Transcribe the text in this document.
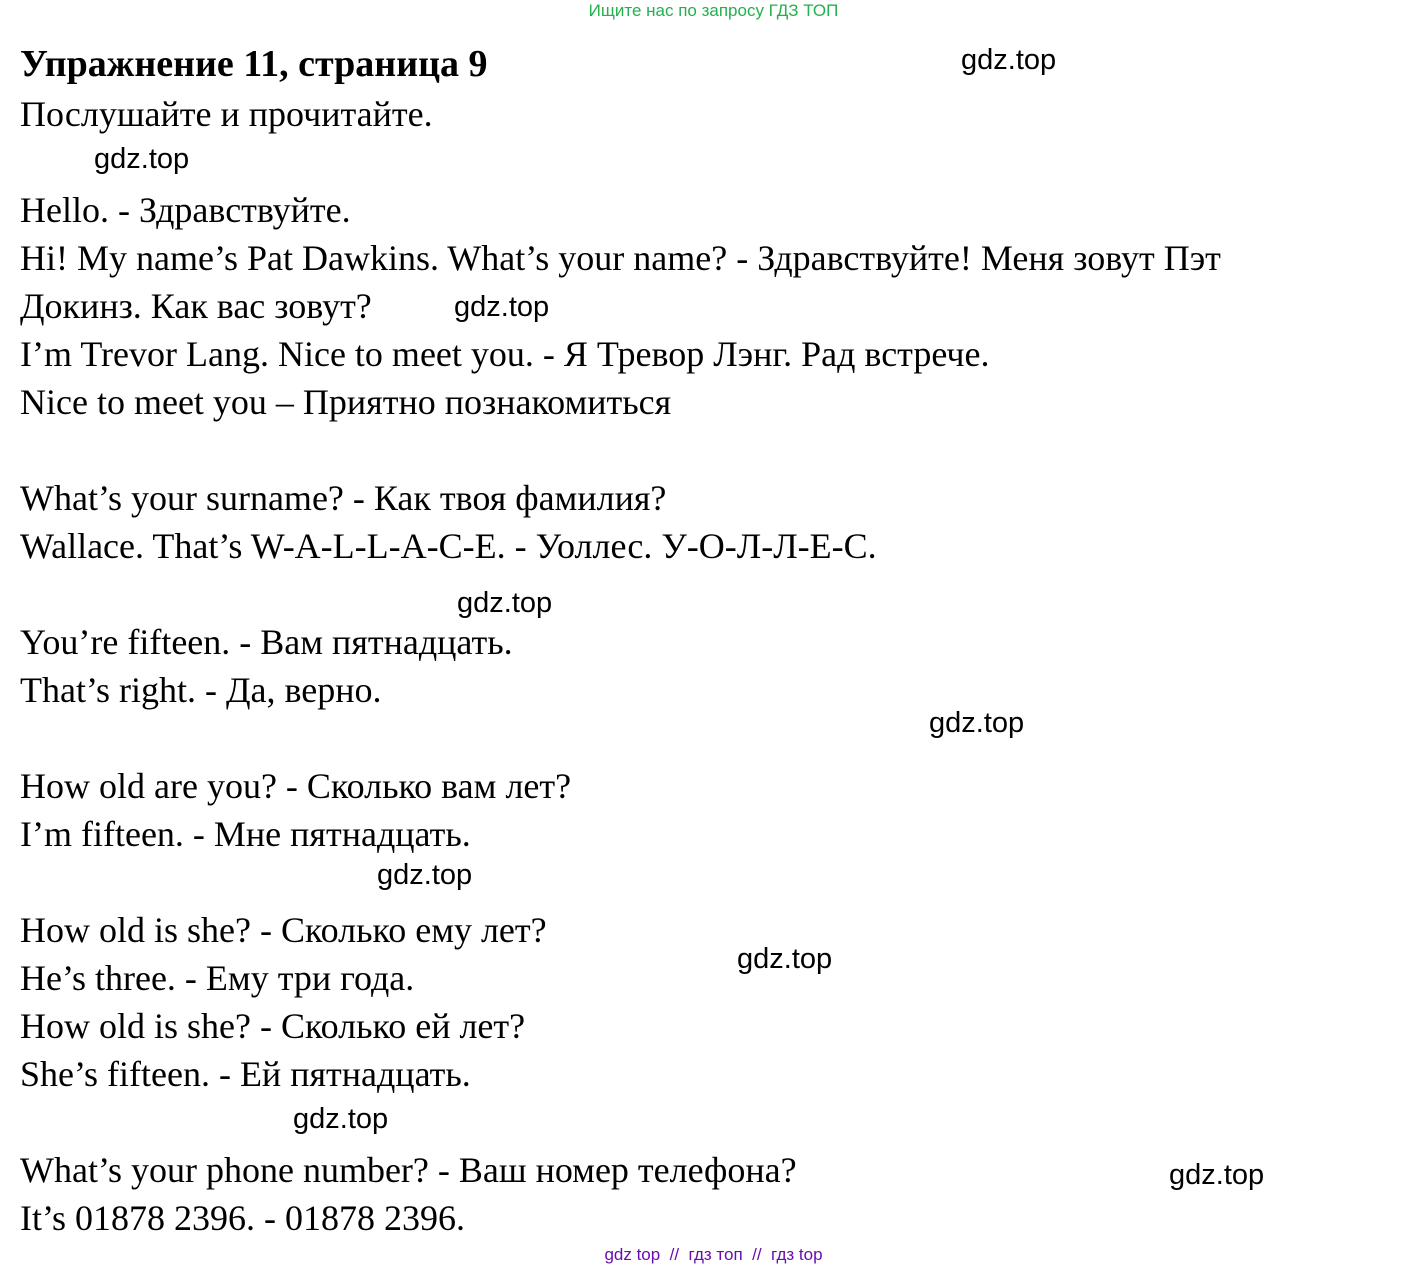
Ищите нас по запросу ГДЗ ТОП
Упражнение 11, страница 9	gdz.top
Послушайте и прочитайте.
gdz.top
Hello. - Здравствуйте.
Hi! My name’s Pat Dawkins. What’s your name? - Здравствуйте! Меня зовут Пэт
Докинз. Как вас зовут?	gdz.top
I’m Trevor Lang. Nice to meet you. - Я Тревор Лэнг. Рад встрече.
Nice to meet you – Приятно познакомиться
What’s your surname? - Как твоя фамилия?
Wallace. That’s W-A-L-L-A-C-E. - Уоллес. У-О-Л-Л-Е-С.
gdz.top
You’re fifteen. - Вам пятнадцать.
That’s right. - Да, верно.
gdz.top
How old are you? - Сколько вам лет?
I’m fifteen. - Мне пятнадцать.
gdz.top
How old is she? - Сколько ему лет?
gdz.top
He’s three. - Ему три года.
How old is she? - Сколько ей лет?
She’s fifteen. - Ей пятнадцать.
gdz.top
What’s your phone number? - Ваш номер телефона?	gdz.top
It’s 01878 2396. - 01878 2396.
gdz top  //  гдз топ  //  гдз top
